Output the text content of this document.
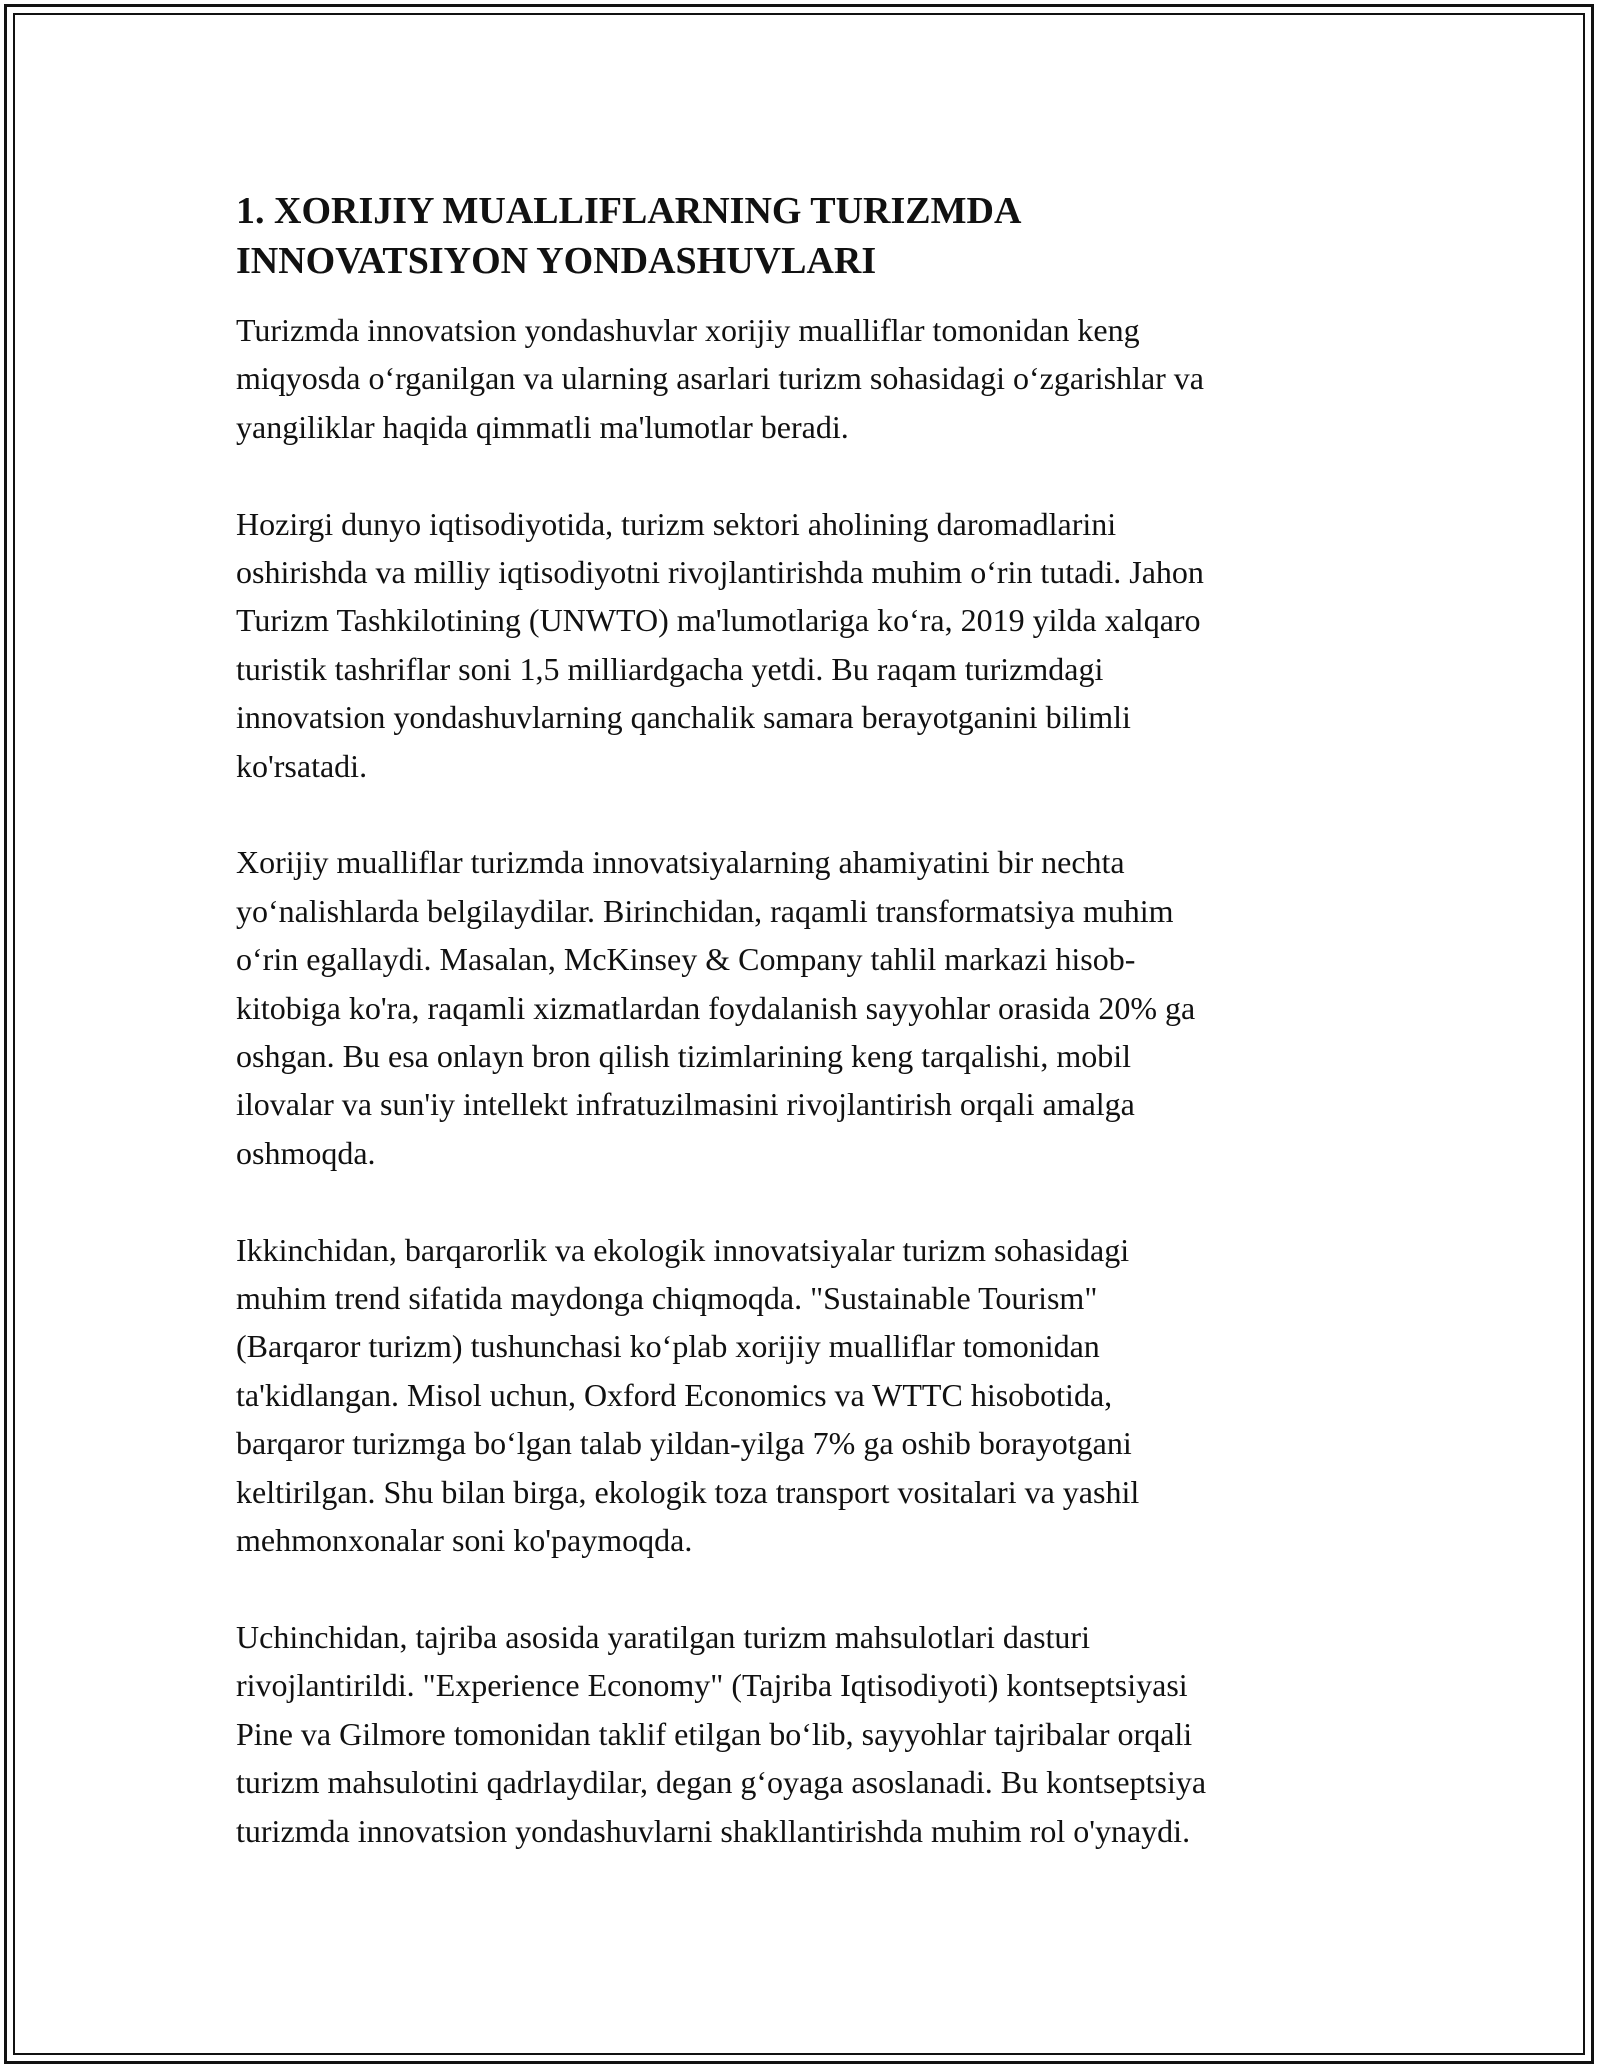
1. XORIJIY MUALLIFLARNING TURIZMDA
INNOVATSIYON YONDASHUVLARI

Turizmda innovatsion yondashuvlar xorijiy mualliflar tomonidan keng
miqyosda o‘rganilgan va ularning asarlari turizm sohasidagi o‘zgarishlar va
yangiliklar haqida qimmatli ma'lumotlar beradi.

Hozirgi dunyo iqtisodiyotida, turizm sektori aholining daromadlarini
oshirishda va milliy iqtisodiyotni rivojlantirishda muhim o‘rin tutadi. Jahon
Turizm Tashkilotining (UNWTO) ma'lumotlariga ko‘ra, 2019 yilda xalqaro
turistik tashriflar soni 1,5 milliardgacha yetdi. Bu raqam turizmdagi
innovatsion yondashuvlarning qanchalik samara berayotganini bilimli
ko'rsatadi.

Xorijiy mualliflar turizmda innovatsiyalarning ahamiyatini bir nechta
yo‘nalishlarda belgilaydilar. Birinchidan, raqamli transformatsiya muhim
o‘rin egallaydi. Masalan, McKinsey & Company tahlil markazi hisob-
kitobiga ko'ra, raqamli xizmatlardan foydalanish sayyohlar orasida 20% ga
oshgan. Bu esa onlayn bron qilish tizimlarining keng tarqalishi, mobil
ilovalar va sun'iy intellekt infratuzilmasini rivojlantirish orqali amalga
oshmoqda.

Ikkinchidan, barqarorlik va ekologik innovatsiyalar turizm sohasidagi
muhim trend sifatida maydonga chiqmoqda. "Sustainable Tourism"
(Barqaror turizm) tushunchasi ko‘plab xorijiy mualliflar tomonidan
ta'kidlangan. Misol uchun, Oxford Economics va WTTC hisobotida,
barqaror turizmga bo‘lgan talab yildan-yilga 7% ga oshib borayotgani
keltirilgan. Shu bilan birga, ekologik toza transport vositalari va yashil
mehmonxonalar soni ko'paymoqda.

Uchinchidan, tajriba asosida yaratilgan turizm mahsulotlari dasturi
rivojlantirildi. "Experience Economy" (Tajriba Iqtisodiyoti) kontseptsiyasi
Pine va Gilmore tomonidan taklif etilgan bo‘lib, sayyohlar tajribalar orqali
turizm mahsulotini qadrlaydilar, degan g‘oyaga asoslanadi. Bu kontseptsiya
turizmda innovatsion yondashuvlarni shakllantirishda muhim rol o'ynaydi.
